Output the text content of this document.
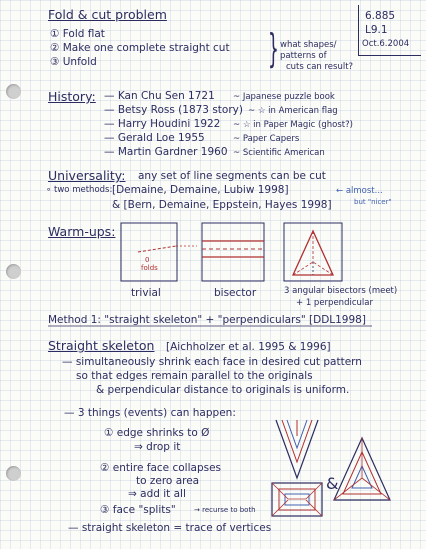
Fold & cut problem
① Fold flat
② Make one complete straight cut
③ Unfold	} what shapes/
patterns of
cuts can result?
6.885
L9.1
Oct.6.2004
History: — Kan Chu Sen 1721 ~ Japanese puzzle book
— Betsy Ross (1873 story) ~ ☆ in American flag
— Harry Houdini 1922 ~ ☆ in Paper Magic (ghost?)
— Gerald Loe 1955	~ Paper Capers
— Martin Gardner 1960 ~ Scientific American
Universality: any set of line segments can be cut
∘ two methods: [Demaine, Demaine, Lubiw 1998]
& [Bern, Demaine, Eppstein, Hayes 1998]
← almost...
but "nicer"
Warm-ups:
0
folds
trivial	bisector	3 angular bisectors (meet)
+ 1 perpendicular
Method 1: "straight skeleton" + "perpendiculars" [DDL1998]
Straight skeleton [Aichholzer et al. 1995 & 1996]
— simultaneously shrink each face in desired cut pattern
so that edges remain parallel to the originals
& perpendicular distance to originals is uniform.
— 3 things (events) can happen:
① edge shrinks to Ø
⇒ drop it
② entire face collapses
to zero area
⇒ add it all
③ face "splits"	→ recurse to both
— straight skeleton = trace of vertices
&
